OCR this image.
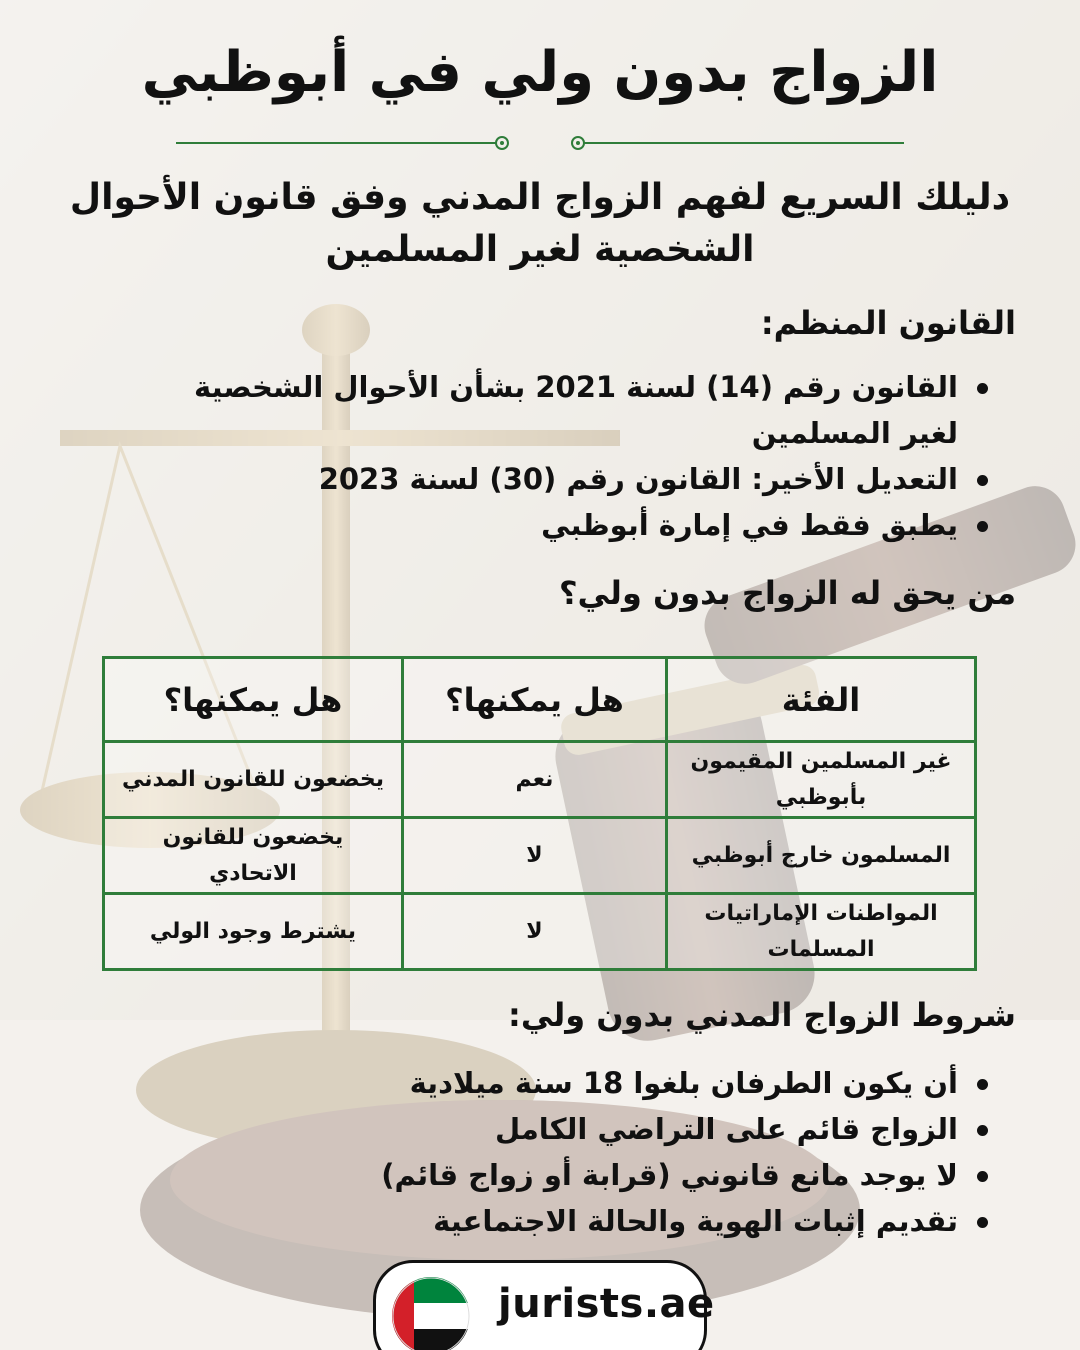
الزواج بدون ولي في أبوظبي
دليلك السريع لفهم الزواج المدني وفق قانون الأحوال الشخصية لغير المسلمين
القانون المنظم:
القانون رقم (14) لسنة 2021 بشأن الأحوال الشخصية لغير المسلمين
التعديل الأخير: القانون رقم (30) لسنة 2023
يطبق فقط في إمارة أبوظبي
من يحق له الزواج بدون ولي؟
الفئة	هل يمكنها؟	هل يمكنها؟
غير المسلمين المقيمون بأبوظبي	نعم	يخضعون للقانون المدني
المسلمون خارج أبوظبي	لا	يخضعون للقانون الاتحادي
المواطنات الإماراتيات المسلمات	لا	يشترط وجود الولي
شروط الزواج المدني بدون ولي:
أن يكون الطرفان بلغوا 18 سنة ميلادية
الزواج قائم على التراضي الكامل
لا يوجد مانع قانوني (قرابة أو زواج قائم)
تقديم إثبات الهوية والحالة الاجتماعية
jurists.ae
